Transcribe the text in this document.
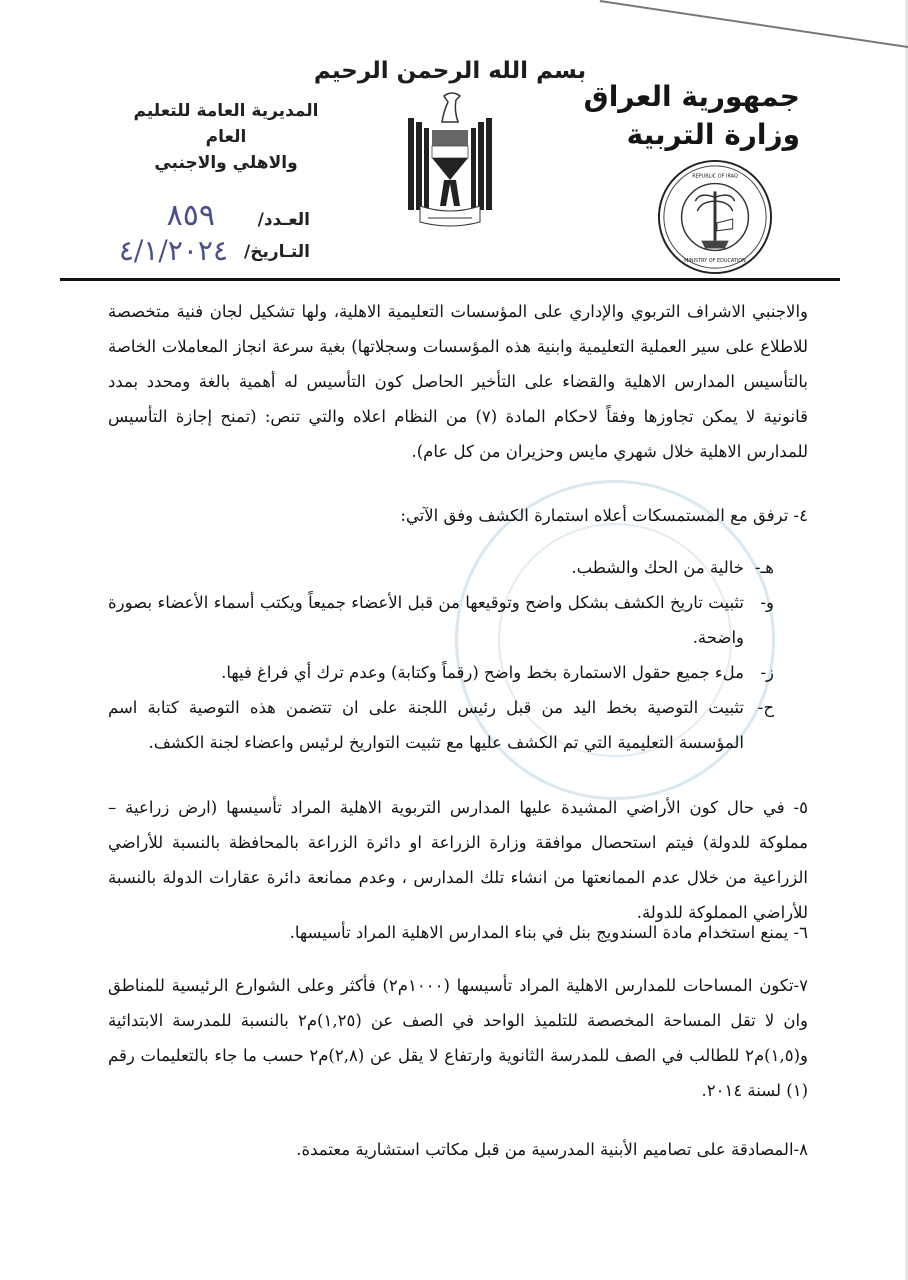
بسم الله الرحمن الرحيم
جمهورية العراق
وزارة التربية
المديرية العامة للتعليم العام
والاهلي والاجنبي
REPUBLIC OF IRAQ
MINISTRY OF EDUCATION
العـدد/
٨٥٩
التـاريخ/
٤/١/٢٠٢٤

والاجنبي الاشراف التربوي والإداري على المؤسسات التعليمية الاهلية، ولها تشكيل لجان فنية متخصصة للاطلاع على سير العملية التعليمية وابنية هذه المؤسسات وسجلاتها) بغية سرعة انجاز المعاملات الخاصة بالتأسيس المدارس الاهلية والقضاء على التأخير الحاصل كون التأسيس له أهمية بالغة ومحدد بمدد قانونية لا يمكن تجاوزها وفقاً لاحكام المادة (٧) من النظام اعلاه والتي تنص: (تمنح إجازة التأسيس للمدارس الاهلية خلال شهري مايس وحزيران من كل عام).

٤- ترفق مع المستمسكات أعلاه استمارة الكشف وفق الآتي:

هـ-
خالية من الحك والشطب.
و-
تثبيت تاريخ الكشف بشكل واضح وتوقيعها من قبل الأعضاء جميعاً ويكتب أسماء الأعضاء بصورة واضحة.
ز-
ملء جميع حقول الاستمارة بخط واضح (رقماً وكتابة) وعدم ترك أي فراغ فيها.
ح-
تثبيت التوصية بخط اليد من قبل رئيس اللجنة على ان تتضمن هذه التوصية كتابة اسم المؤسسة التعليمية التي تم الكشف عليها مع تثبيت التواريخ لرئيس واعضاء لجنة الكشف.

٥- في حال كون الأراضي المشيدة عليها المدارس التربوية الاهلية المراد تأسيسها (ارض زراعية – مملوكة للدولة) فيتم استحصال موافقة وزارة الزراعة او دائرة الزراعة بالمحافظة بالنسبة للأراضي الزراعية من خلال عدم الممانعتها من انشاء تلك المدارس ، وعدم ممانعة دائرة عقارات الدولة بالنسبة للأراضي المملوكة للدولة.

٦- يمنع استخدام مادة السندويج بنل في بناء المدارس الاهلية المراد تأسيسها.

٧-تكون المساحات للمدارس الاهلية المراد تأسيسها (١٠٠٠م٢) فأكثر وعلى الشوارع الرئيسية للمناطق وان لا تقل المساحة المخصصة للتلميذ الواحد في الصف عن (١,٢٥)م٢ بالنسبة للمدرسة الابتدائية و(١,٥)م٢ للطالب في الصف للمدرسة الثانوية وارتفاع لا يقل عن (٢,٨)م٢ حسب ما جاء بالتعليمات رقم (١) لسنة ٢٠١٤.

٨-المصادقة على تصاميم الأبنية المدرسية من قبل مكاتب استشارية معتمدة.
